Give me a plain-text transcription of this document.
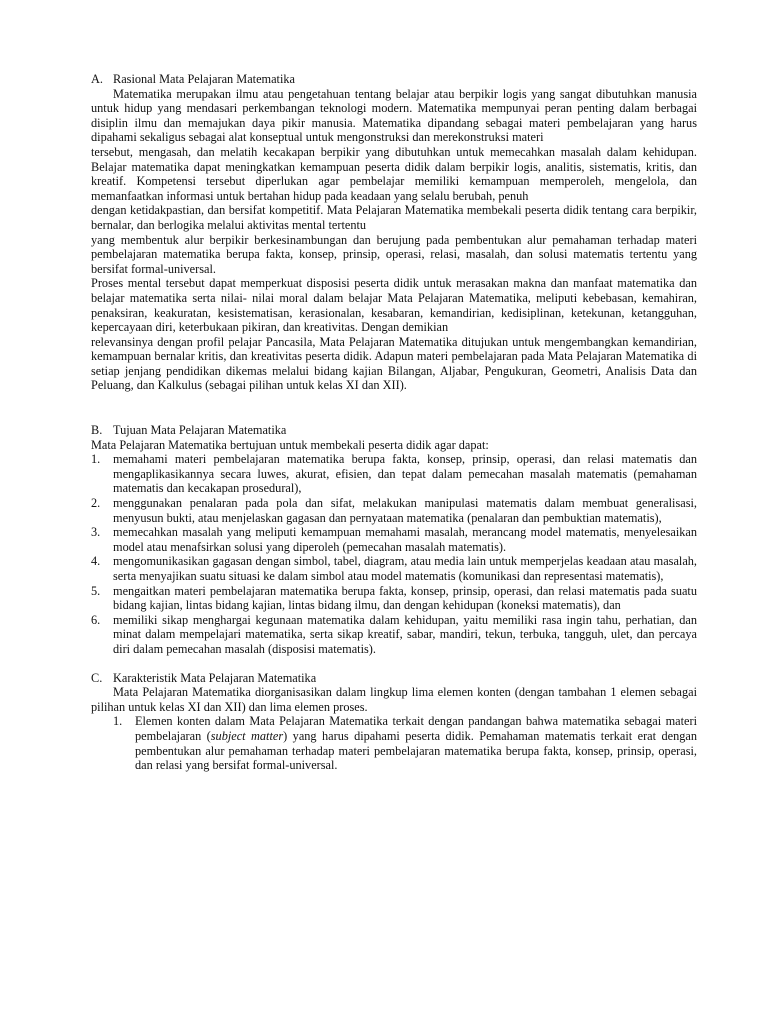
A. Rasional Mata Pelajaran Matematika

Matematika merupakan ilmu atau pengetahuan tentang belajar atau berpikir logis yang sangat dibutuhkan manusia untuk hidup yang mendasari perkembangan teknologi modern. Matematika mempunyai peran penting dalam berbagai disiplin ilmu dan memajukan daya pikir manusia. Matematika dipandang sebagai materi pembelajaran yang harus dipahami sekaligus sebagai alat konseptual untuk mengonstruksi dan merekonstruksi materi

tersebut, mengasah, dan melatih kecakapan berpikir yang dibutuhkan untuk memecahkan masalah dalam kehidupan. Belajar matematika dapat meningkatkan kemampuan peserta didik dalam berpikir logis, analitis, sistematis, kritis, dan kreatif. Kompetensi tersebut diperlukan agar pembelajar memiliki kemampuan memperoleh, mengelola, dan memanfaatkan informasi untuk bertahan hidup pada keadaan yang selalu berubah, penuh

dengan ketidakpastian, dan bersifat kompetitif. Mata Pelajaran Matematika membekali peserta didik tentang cara berpikir, bernalar, dan berlogika melalui aktivitas mental tertentu

yang membentuk alur berpikir berkesinambungan dan berujung pada pembentukan alur pemahaman terhadap materi pembelajaran matematika berupa fakta, konsep, prinsip, operasi, relasi, masalah, dan solusi matematis tertentu yang bersifat formal-universal.

Proses mental tersebut dapat memperkuat disposisi peserta didik untuk merasakan makna dan manfaat matematika dan belajar matematika serta nilai- nilai moral dalam belajar Mata Pelajaran Matematika, meliputi kebebasan, kemahiran, penaksiran, keakuratan, kesistematisan, kerasionalan, kesabaran, kemandirian, kedisiplinan, ketekunan, ketangguhan, kepercayaan diri, keterbukaan pikiran, dan kreativitas. Dengan demikian

relevansinya dengan profil pelajar Pancasila, Mata Pelajaran Matematika ditujukan untuk mengembangkan kemandirian, kemampuan bernalar kritis, dan kreativitas peserta didik. Adapun materi pembelajaran pada Mata Pelajaran Matematika di setiap jenjang pendidikan dikemas melalui bidang kajian Bilangan, Aljabar, Pengukuran, Geometri, Analisis Data dan Peluang, dan Kalkulus (sebagai pilihan untuk kelas XI dan XII).

B. Tujuan Mata Pelajaran Matematika

Mata Pelajaran Matematika bertujuan untuk membekali peserta didik agar dapat:

1.	memahami materi pembelajaran matematika berupa fakta, konsep, prinsip, operasi, dan relasi matematis dan mengaplikasikannya secara luwes, akurat, efisien, dan tepat dalam pemecahan masalah matematis (pemahaman matematis dan kecakapan prosedural),
2.	menggunakan penalaran pada pola dan sifat, melakukan manipulasi matematis dalam membuat generalisasi, menyusun bukti, atau menjelaskan gagasan dan pernyataan matematika (penalaran dan pembuktian matematis),
3.	memecahkan masalah yang meliputi kemampuan memahami masalah, merancang model matematis, menyelesaikan model atau menafsirkan solusi yang diperoleh (pemecahan masalah matematis).
4.	mengomunikasikan gagasan dengan simbol, tabel, diagram, atau media lain untuk memperjelas keadaan atau masalah, serta menyajikan suatu situasi ke dalam simbol atau model matematis (komunikasi dan representasi matematis),
5.	mengaitkan materi pembelajaran matematika berupa fakta, konsep, prinsip, operasi, dan relasi matematis pada suatu bidang kajian, lintas bidang kajian, lintas bidang ilmu, dan dengan kehidupan (koneksi matematis), dan
6.	memiliki sikap menghargai kegunaan matematika dalam kehidupan, yaitu memiliki rasa ingin tahu, perhatian, dan minat dalam mempelajari matematika, serta sikap kreatif, sabar, mandiri, tekun, terbuka, tangguh, ulet, dan percaya diri dalam pemecahan masalah (disposisi matematis).
C. Karakteristik Mata Pelajaran Matematika

Mata Pelajaran Matematika diorganisasikan dalam lingkup lima elemen konten (dengan tambahan 1 elemen sebagai pilihan untuk kelas XI dan XII) dan lima elemen proses.

1.	Elemen konten dalam Mata Pelajaran Matematika terkait dengan pandangan bahwa matematika sebagai materi pembelajaran (subject matter) yang harus dipahami peserta didik. Pemahaman matematis terkait erat dengan pembentukan alur pemahaman terhadap materi pembelajaran matematika berupa fakta, konsep, prinsip, operasi, dan relasi yang bersifat formal-universal.
